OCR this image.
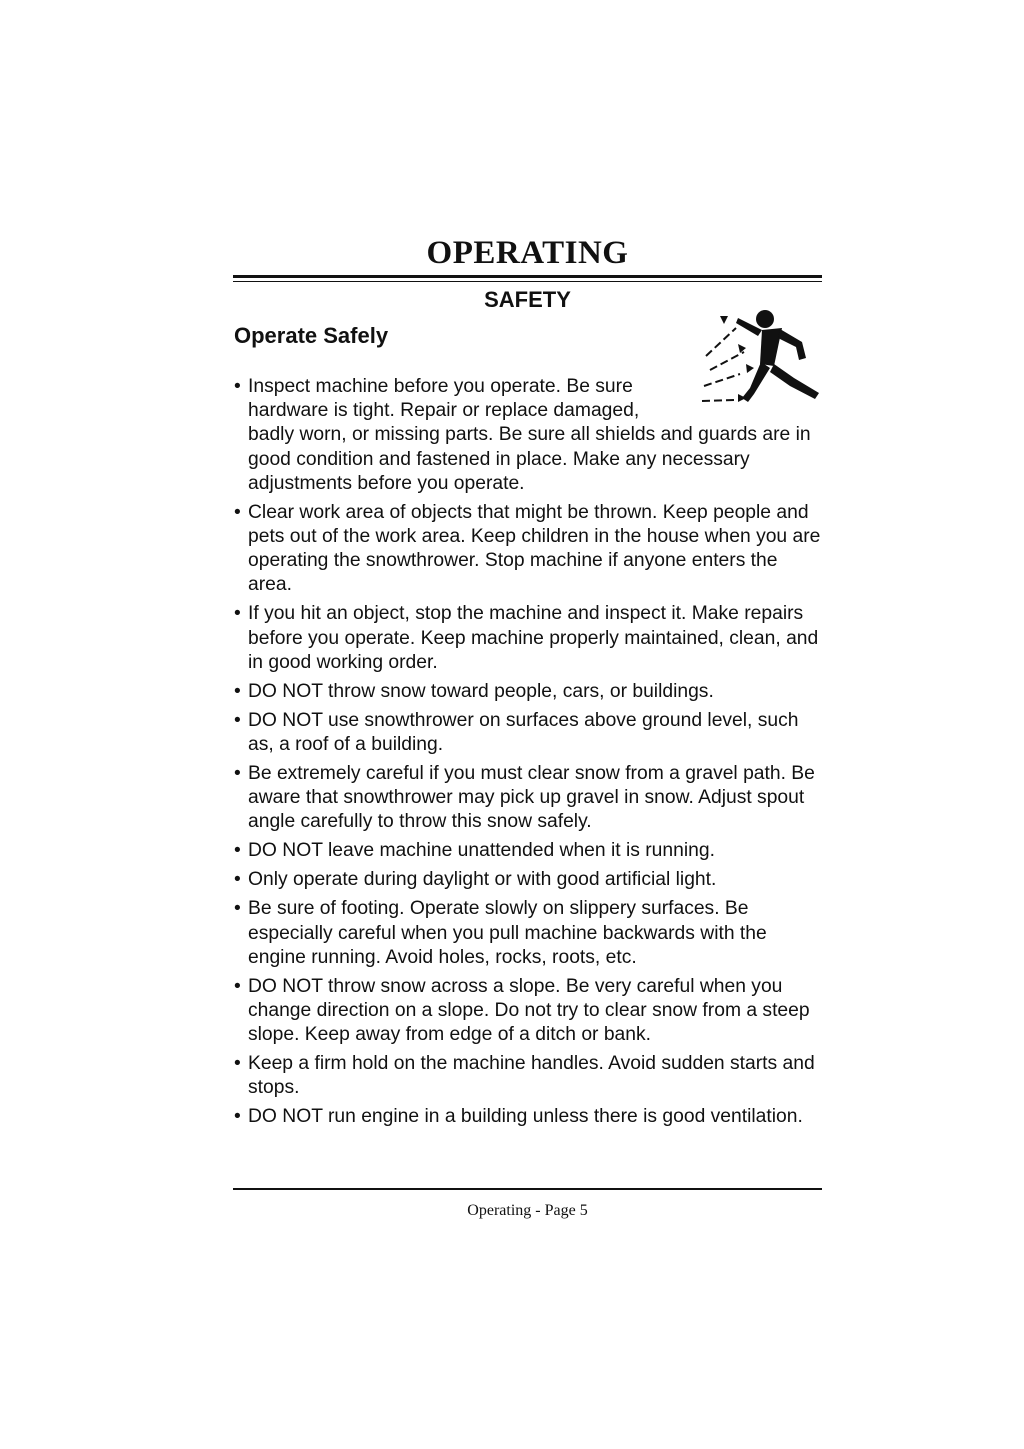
OPERATING
SAFETY
Operate Safely
• Inspect machine before you operate. Be sure hardware is tight. Repair or replace damaged, badly worn, or missing parts. Be sure all shields and guards are in good condition and fastened in place. Make any necessary adjustments before you operate.
• Clear work area of objects that might be thrown. Keep people and pets out of the work area. Keep children in the house when you are operating the snowthrower. Stop machine if anyone enters the area.
• If you hit an object, stop the machine and inspect it. Make repairs before you operate. Keep machine properly maintained, clean, and in good working order.
• DO NOT throw snow toward people, cars, or buildings.
• DO NOT use snowthrower on surfaces above ground level, such as, a roof of a building.
• Be extremely careful if you must clear snow from a gravel path. Be aware that snowthrower may pick up gravel in snow. Adjust spout angle carefully to throw this snow safely.
• DO NOT leave machine unattended when it is running.
• Only operate during daylight or with good artificial light.
• Be sure of footing. Operate slowly on slippery surfaces. Be especially careful when you pull machine backwards with the engine running. Avoid holes, rocks, roots, etc.
• DO NOT throw snow across a slope. Be very careful when you change direction on a slope. Do not try to clear snow from a steep slope. Keep away from edge of a ditch or bank.
• Keep a firm hold on the machine handles. Avoid sudden starts and stops.
• DO NOT run engine in a building unless there is good ventilation.
Operating - Page 5
